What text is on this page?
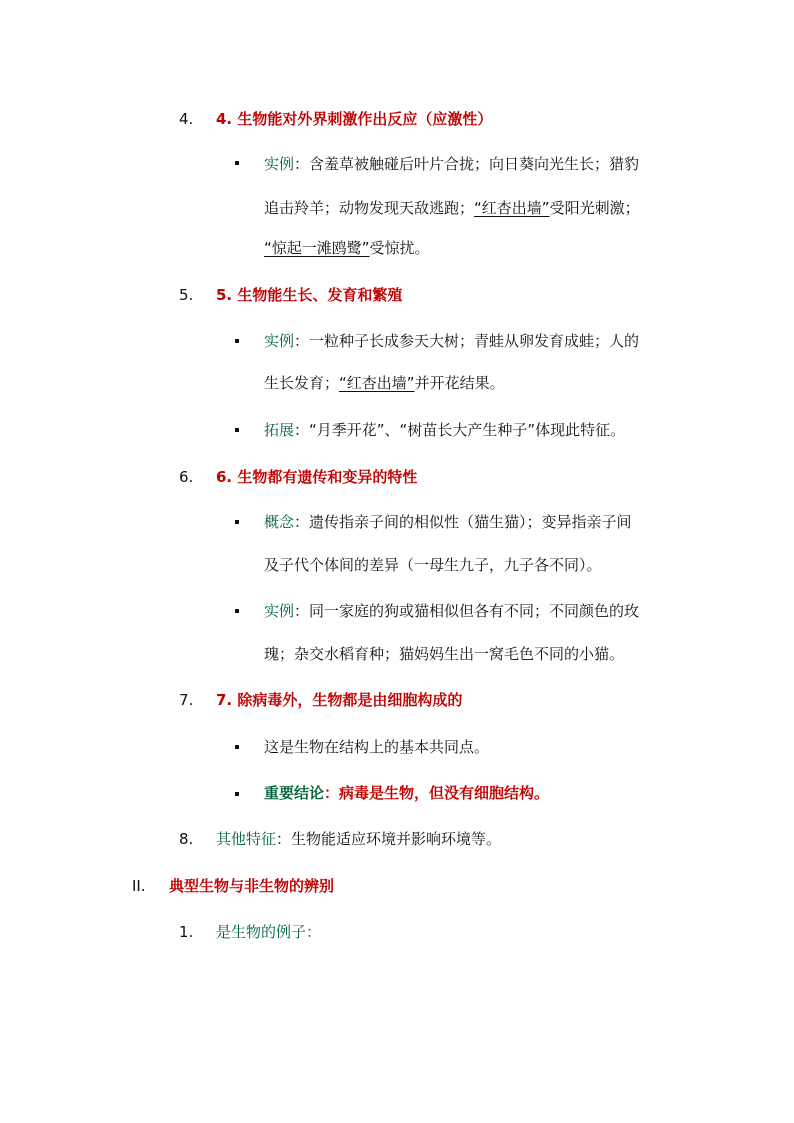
4. 4. 生物能对外界刺激作出反应（应激性）
实例：含羞草被触碰后叶片合拢；向日葵向光生长；猎豹
追击羚羊；动物发现天敌逃跑；“红杏出墙”受阳光刺激；
“惊起一滩鸥鹭”受惊扰。
5. 5. 生物能生长、发育和繁殖
实例：一粒种子长成参天大树；青蛙从卵发育成蛙；人的
生长发育；“红杏出墙”并开花结果。
拓展：“月季开花”、“树苗长大产生种子”体现此特征。
6. 6. 生物都有遗传和变异的特性
概念：遗传指亲子间的相似性（猫生猫）；变异指亲子间
及子代个体间的差异（一母生九子，九子各不同）。
实例：同一家庭的狗或猫相似但各有不同；不同颜色的玫
瑰；杂交水稻育种；猫妈妈生出一窝毛色不同的小猫。
7. 7. 除病毒外，生物都是由细胞构成的
这是生物在结构上的基本共同点。
重要结论：病毒是生物，但没有细胞结构。
8. 其他特征：生物能适应环境并影响环境等。
II. 典型生物与非生物的辨别
1. 是生物的例子：
